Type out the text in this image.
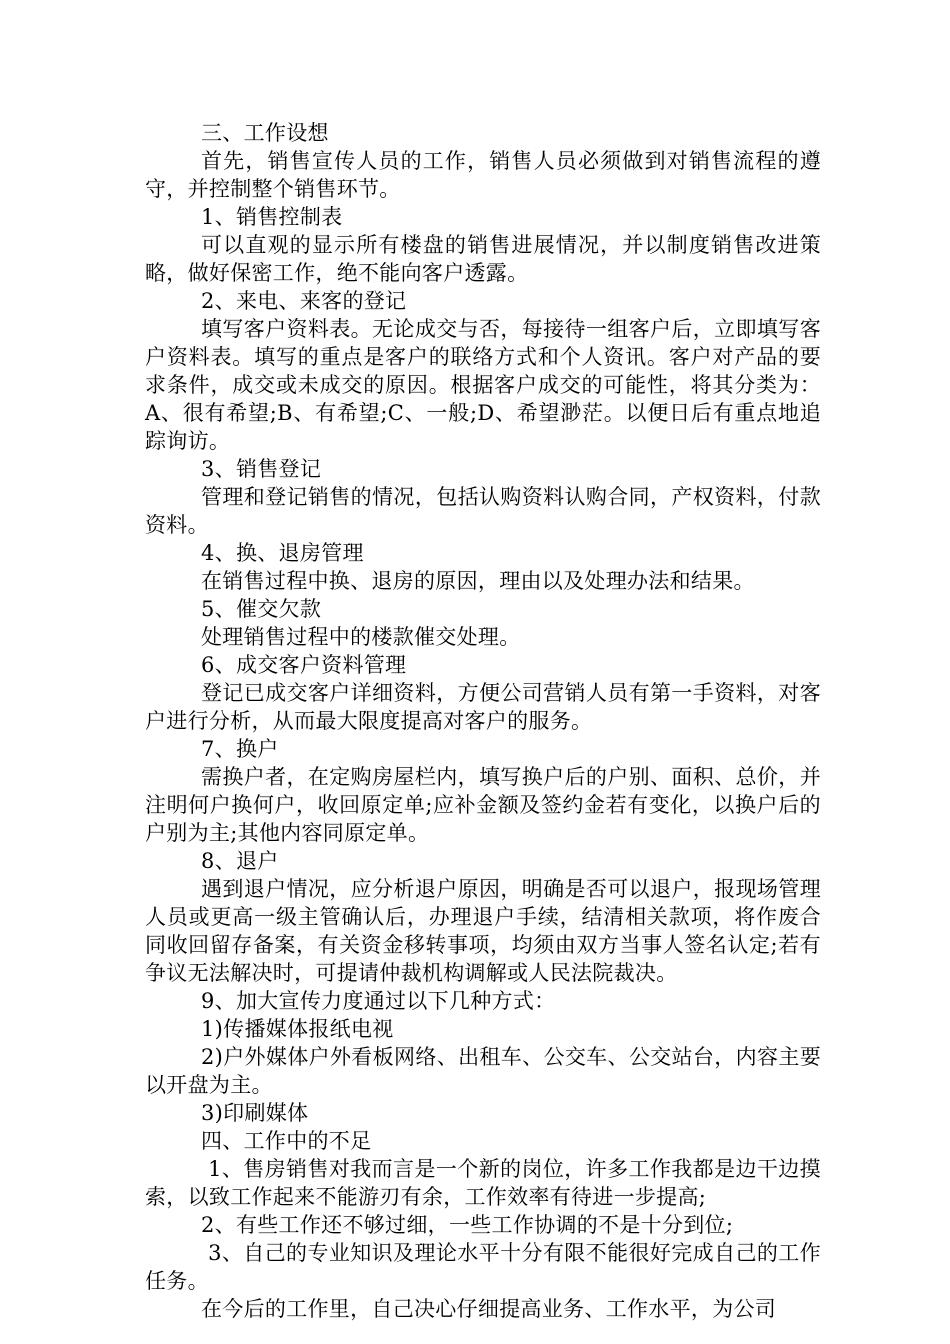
三、工作设想

首先，销售宣传人员的工作，销售人员必须做到对销售流程的遵守，并控制整个销售环节。

1、销售控制表

可以直观的显示所有楼盘的销售进展情况，并以制度销售改进策略，做好保密工作，绝不能向客户透露。

2、来电、来客的登记

填写客户资料表。无论成交与否，每接待一组客户后，立即填写客户资料表。填写的重点是客户的联络方式和个人资讯。客户对产品的要求条件，成交或未成交的原因。根据客户成交的可能性，将其分类为：A、很有希望;B、有希望;C、一般;D、希望渺茫。以便日后有重点地追踪询访。

3、销售登记

管理和登记销售的情况，包括认购资料认购合同，产权资料，付款资料。

4、换、退房管理

在销售过程中换、退房的原因，理由以及处理办法和结果。

5、催交欠款

处理销售过程中的楼款催交处理。

6、成交客户资料管理

登记已成交客户详细资料，方便公司营销人员有第一手资料，对客户进行分析，从而最大限度提高对客户的服务。

7、换户

需换户者，在定购房屋栏内，填写换户后的户别、面积、总价，并注明何户换何户，收回原定单;应补金额及签约金若有变化，以换户后的户别为主;其他内容同原定单。

8、退户

遇到退户情况，应分析退户原因，明确是否可以退户，报现场管理人员或更高一级主管确认后，办理退户手续，结清相关款项，将作废合同收回留存备案，有关资金移转事项，均须由双方当事人签名认定;若有争议无法解决时，可提请仲裁机构调解或人民法院裁决。

9、加大宣传力度通过以下几种方式：

1)传播媒体报纸电视

2)户外媒体户外看板网络、出租车、公交车、公交站台，内容主要以开盘为主。

3)印刷媒体

四、工作中的不足

1、售房销售对我而言是一个新的岗位，许多工作我都是边干边摸索，以致工作起来不能游刃有余，工作效率有待进一步提高;

2、有些工作还不够过细，一些工作协调的不是十分到位;

3、自己的专业知识及理论水平十分有限不能很好完成自己的工作任务。

在今后的工作里，自己决心仔细提高业务、工作水平，为公司
